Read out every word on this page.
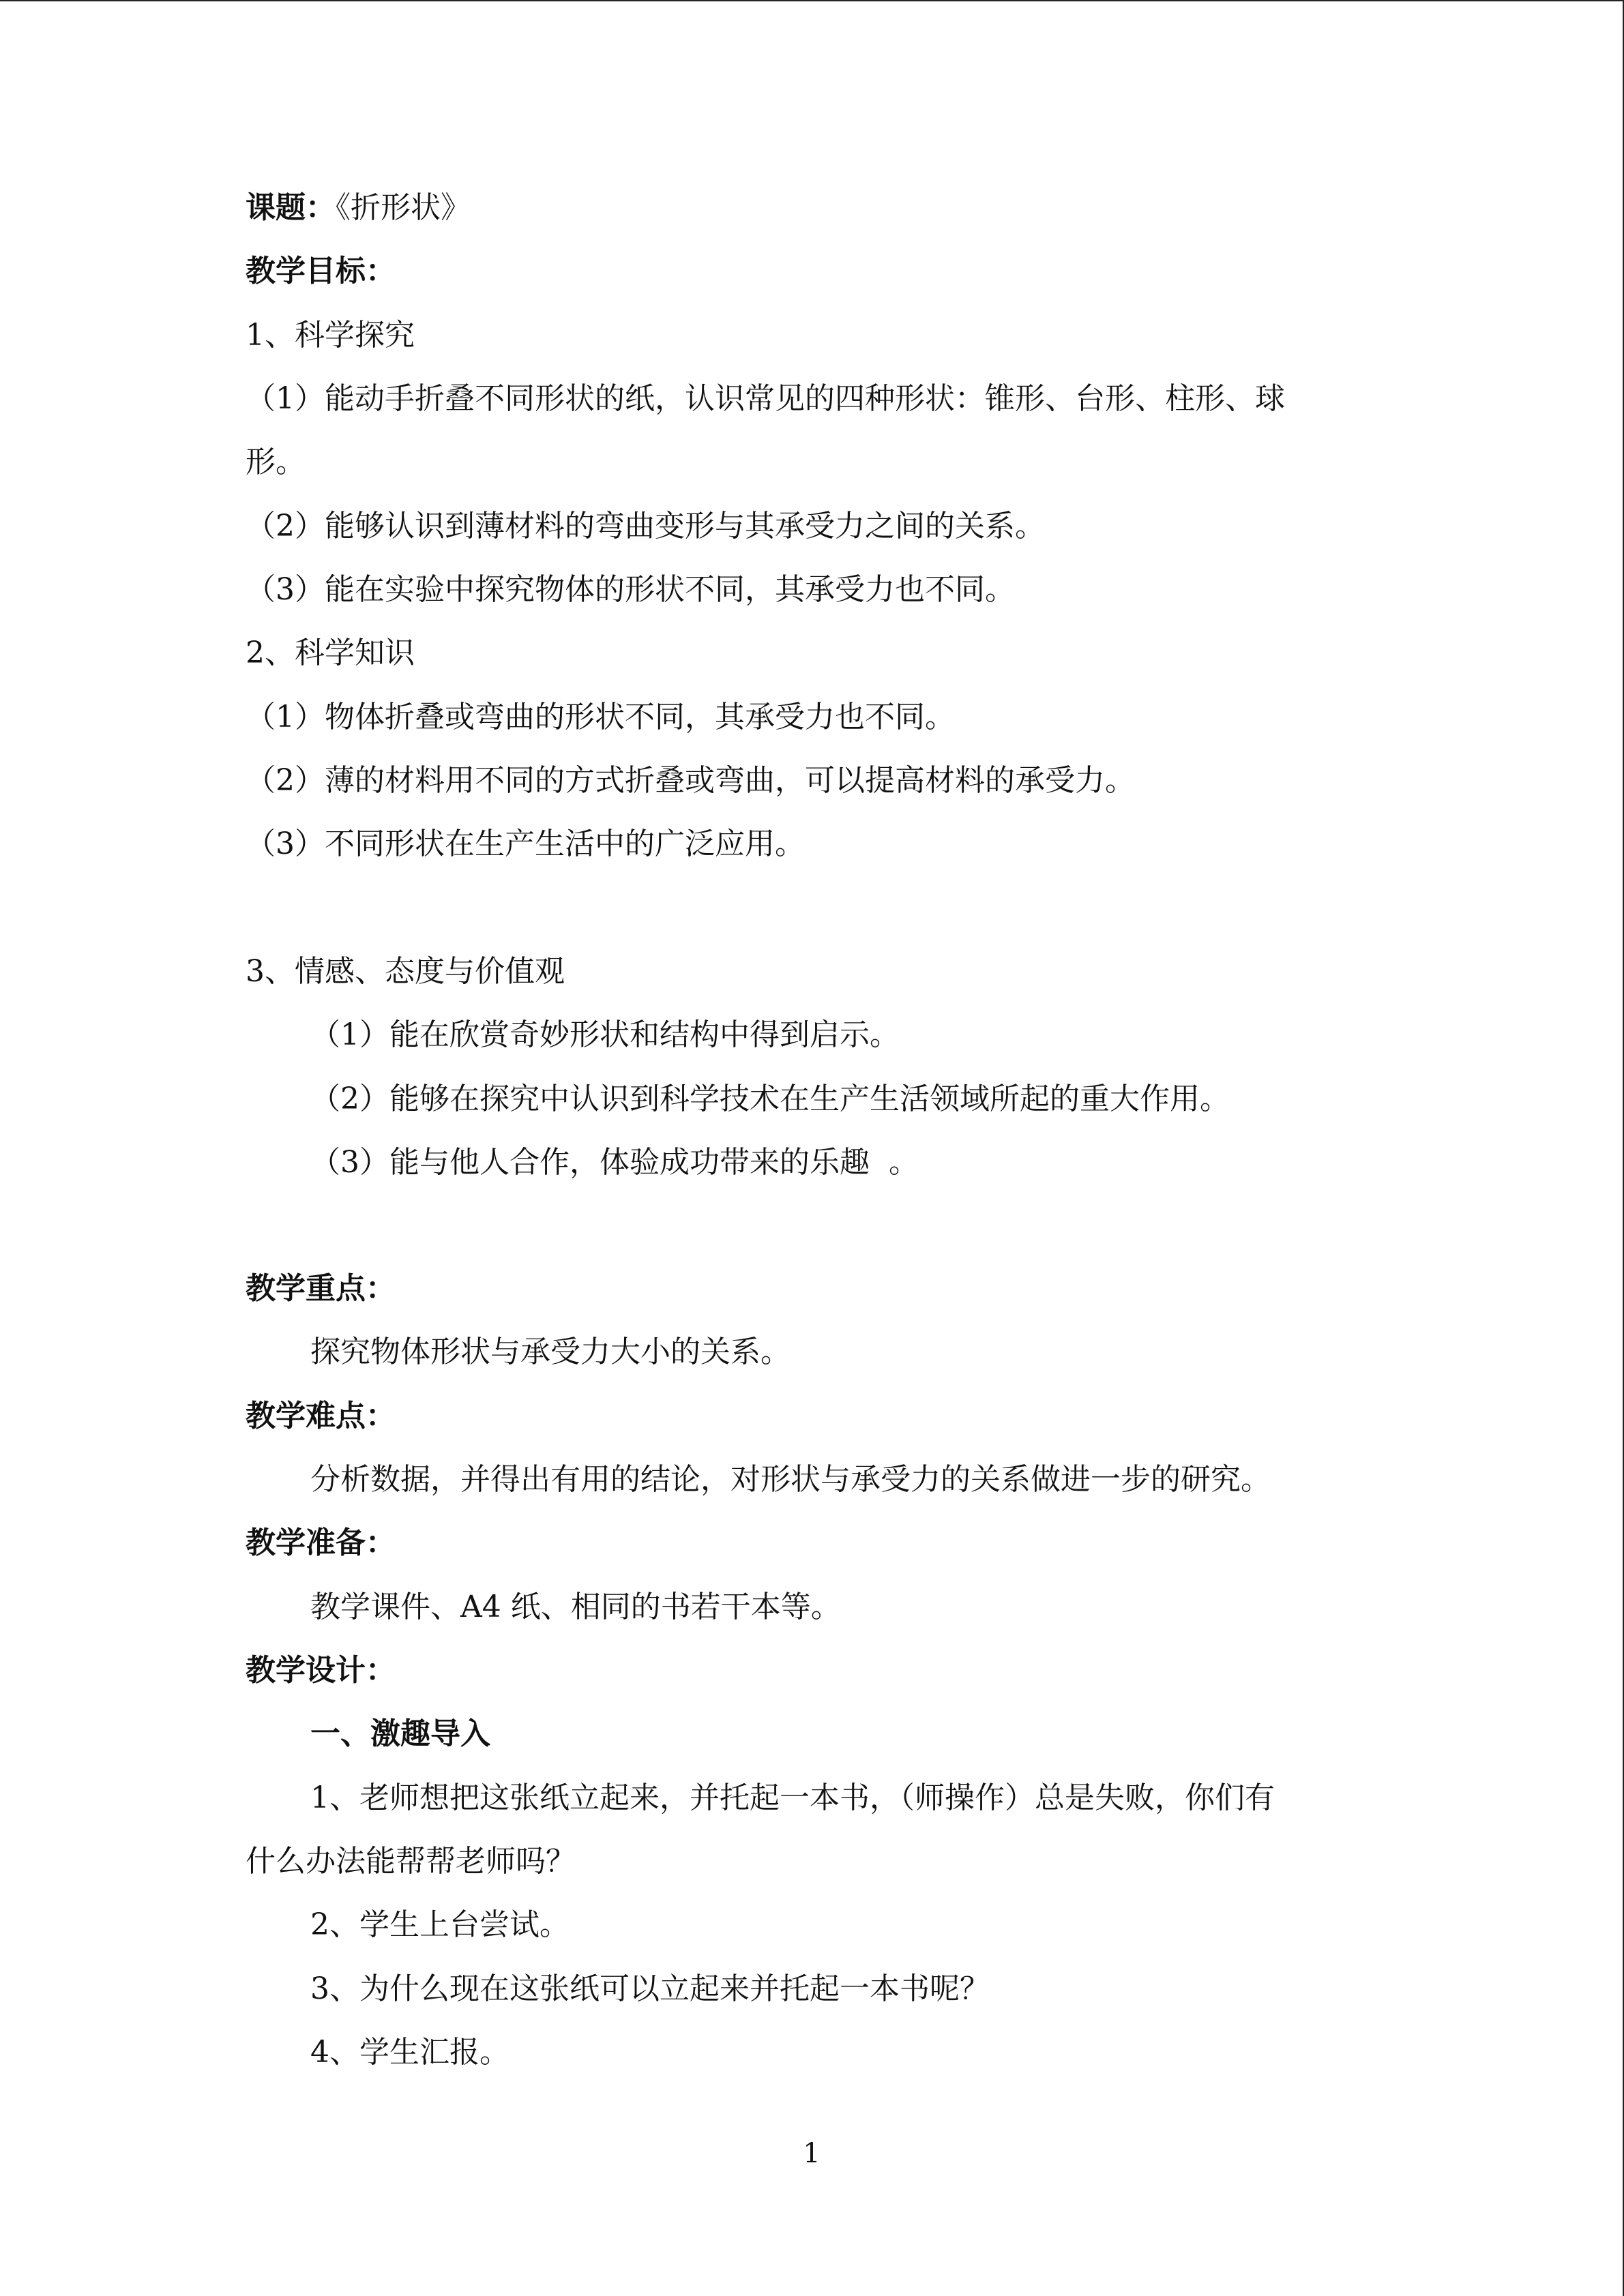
课题：《折形状》
教学目标：
1、科学探究
（1）能动手折叠不同形状的纸，认识常见的四种形状：锥形、台形、柱形、球
形。
（2）能够认识到薄材料的弯曲变形与其承受力之间的关系。
（3）能在实验中探究物体的形状不同，其承受力也不同。
2、科学知识
（1）物体折叠或弯曲的形状不同，其承受力也不同。
（2）薄的材料用不同的方式折叠或弯曲，可以提高材料的承受力。
（3）不同形状在生产生活中的广泛应用。
3、情感、态度与价值观
（1）能在欣赏奇妙形状和结构中得到启示。
（2）能够在探究中认识到科学技术在生产生活领域所起的重大作用。
（3）能与他人合作，体验成功带来的乐趣  。
教学重点：
探究物体形状与承受力大小的关系。
教学难点：
分析数据，并得出有用的结论，对形状与承受力的关系做进一步的研究。
教学准备：
教学课件、A4 纸、相同的书若干本等。
教学设计：
一、激趣导入
1、老师想把这张纸立起来，并托起一本书，（师操作）总是失败，你们有
什么办法能帮帮老师吗？
2、学生上台尝试。
3、为什么现在这张纸可以立起来并托起一本书呢？
4、学生汇报。
1
